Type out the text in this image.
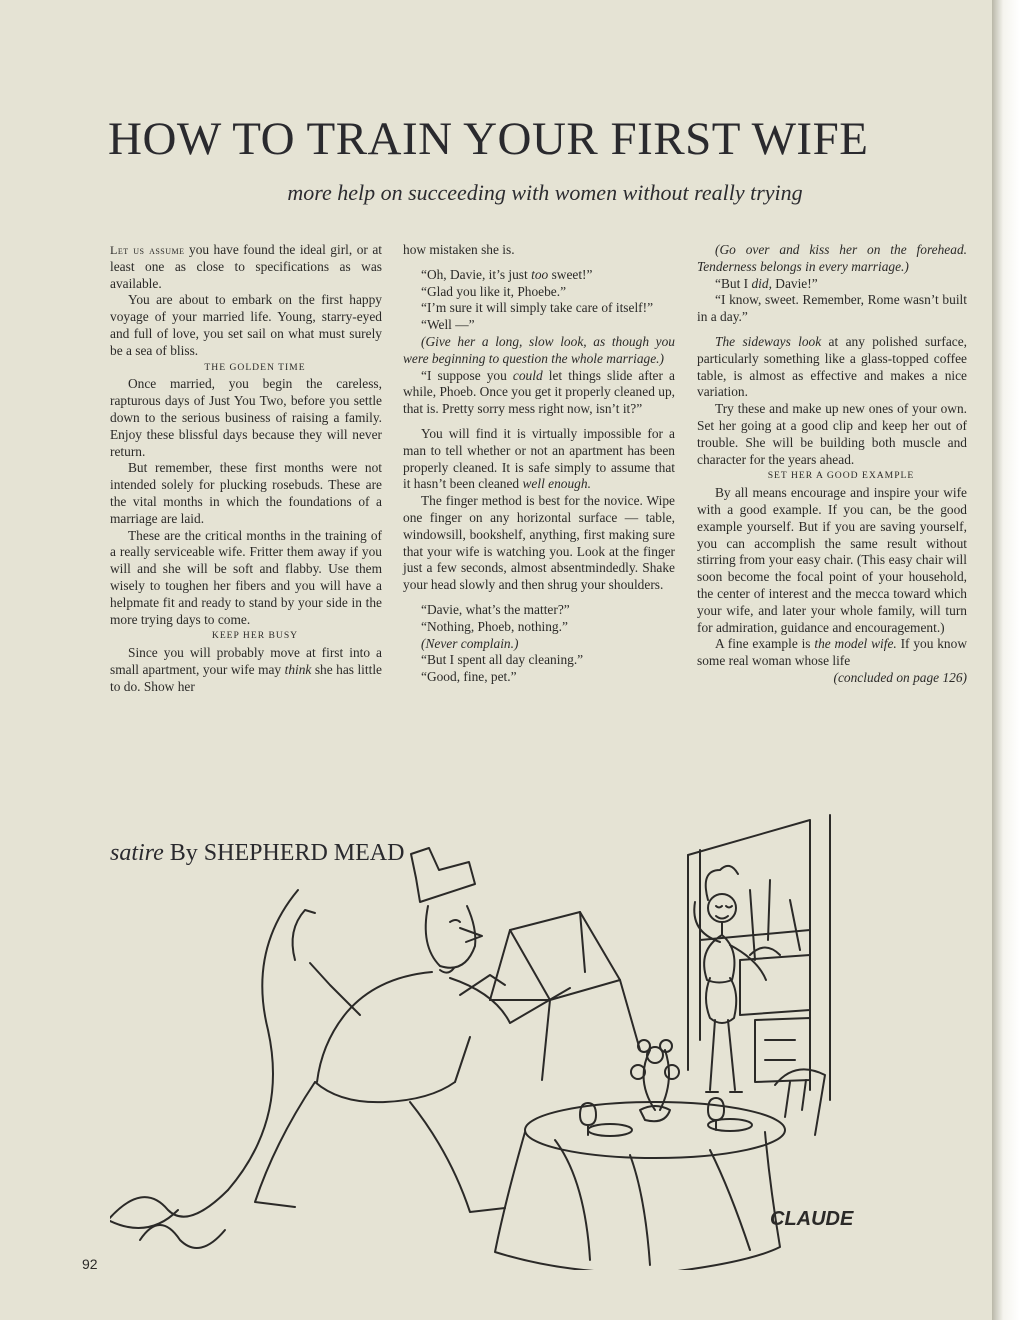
HOW TO TRAIN YOUR FIRST WIFE
more help on succeeding with women without really trying

Let us assume you have found the ideal girl, or at least one as close to specifications as was available.

You are about to embark on the first happy voyage of your married life. Young, starry-eyed and full of love, you set sail on what must surely be a sea of bliss.

THE GOLDEN TIME

Once married, you begin the careless, rapturous days of Just You Two, before you settle down to the serious business of raising a family. Enjoy these blissful days because they will never return.

But remember, these first months were not intended solely for plucking rosebuds. These are the vital months in which the foundations of a marriage are laid.

These are the critical months in the training of a really serviceable wife. Fritter them away if you will and she will be soft and flabby. Use them wisely to toughen her fibers and you will have a helpmate fit and ready to stand by your side in the more trying days to come.

KEEP HER BUSY

Since you will probably move at first into a small apartment, your wife may think she has little to do. Show her

how mistaken she is.

“Oh, Davie, it’s just too sweet!”

“Glad you like it, Phoebe.”

“I’m sure it will simply take care of itself!”

“Well —”

(Give her a long, slow look, as though you were beginning to question the whole marriage.)

“I suppose you could let things slide after a while, Phoeb. Once you get it properly cleaned up, that is. Pretty sorry mess right now, isn’t it?”

You will find it is virtually impossible for a man to tell whether or not an apartment has been properly cleaned. It is safe simply to assume that it hasn’t been cleaned well enough.

The finger method is best for the novice. Wipe one finger on any horizontal surface — table, windowsill, bookshelf, anything, first making sure that your wife is watching you. Look at the finger just a few seconds, almost absentmindedly. Shake your head slowly and then shrug your shoulders.

“Davie, what’s the matter?”

“Nothing, Phoeb, nothing.”

(Never complain.)

“But I spent all day cleaning.”

“Good, fine, pet.”

(Go over and kiss her on the forehead. Tenderness belongs in every marriage.)

“But I did, Davie!”

“I know, sweet. Remember, Rome wasn’t built in a day.”

The sideways look at any polished surface, particularly something like a glass-topped coffee table, is almost as effective and makes a nice variation.

Try these and make up new ones of your own. Set her going at a good clip and keep her out of trouble. She will be building both muscle and character for the years ahead.

SET HER A GOOD EXAMPLE

By all means encourage and inspire your wife with a good example. If you can, be the good example yourself. But if you are saving yourself, you can accomplish the same result without stirring from your easy chair. (This easy chair will soon become the focal point of your household, the center of interest and the mecca toward which your wife, and later your whole family, will turn for admiration, guidance and encouragement.)

A fine example is the model wife. If you know some real woman whose life

(concluded on page 126)

satire By SHEPHERD MEAD
CLAUDE
92
